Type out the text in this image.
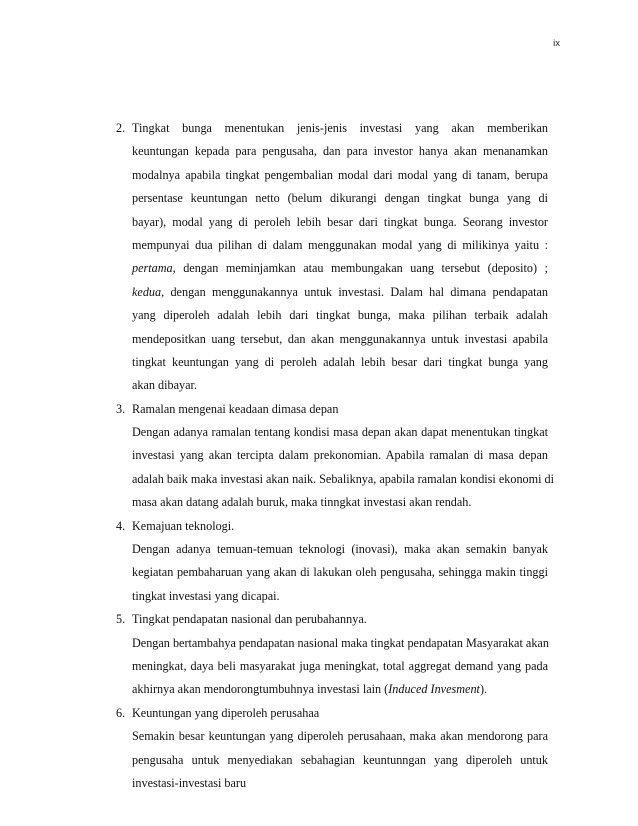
ix
2. Tingkat bunga menentukan jenis-jenis investasi yang akan memberikan
keuntungan kepada para pengusaha, dan para investor hanya akan menanamkan
modalnya apabila tingkat pengembalian modal dari modal yang di tanam, berupa
persentase keuntungan netto (belum dikurangi dengan tingkat bunga yang di
bayar), modal yang di peroleh lebih besar dari tingkat bunga. Seorang investor
mempunyai dua pilihan di dalam menggunakan modal yang di milikinya yaitu :
pertama, dengan meminjamkan atau membungakan uang tersebut (deposito) ;
kedua, dengan menggunakannya untuk investasi. Dalam hal dimana pendapatan
yang diperoleh adalah lebih dari tingkat bunga, maka pilihan terbaik adalah
mendepositkan uang tersebut, dan akan menggunakannya untuk investasi apabila
tingkat keuntungan yang di peroleh adalah lebih besar dari tingkat bunga yang
akan dibayar.
3. Ramalan mengenai keadaan dimasa depan
Dengan adanya ramalan tentang kondisi masa depan akan dapat menentukan tingkat
investasi yang akan tercipta dalam prekonomian. Apabila ramalan di masa depan
adalah baik maka investasi akan naik. Sebaliknya, apabila ramalan kondisi ekonomi di
masa akan datang adalah buruk, maka tinngkat investasi akan rendah.
4. Kemajuan teknologi.
Dengan adanya temuan-temuan teknologi (inovasi), maka akan semakin banyak
kegiatan pembaharuan yang akan di lakukan oleh pengusaha, sehingga makin tinggi
tingkat investasi yang dicapai.
5. Tingkat pendapatan nasional dan perubahannya.
Dengan bertambahya pendapatan nasional maka tingkat pendapatan Masyarakat akan
meningkat, daya beli masyarakat juga meningkat, total aggregat demand yang pada
akhirnya akan mendorongtumbuhnya investasi lain (Induced Invesment).
6. Keuntungan yang diperoleh perusahaa
Semakin besar keuntungan yang diperoleh perusahaan, maka akan mendorong para
pengusaha untuk menyediakan sebahagian keuntunngan yang diperoleh untuk
investasi-investasi baru
